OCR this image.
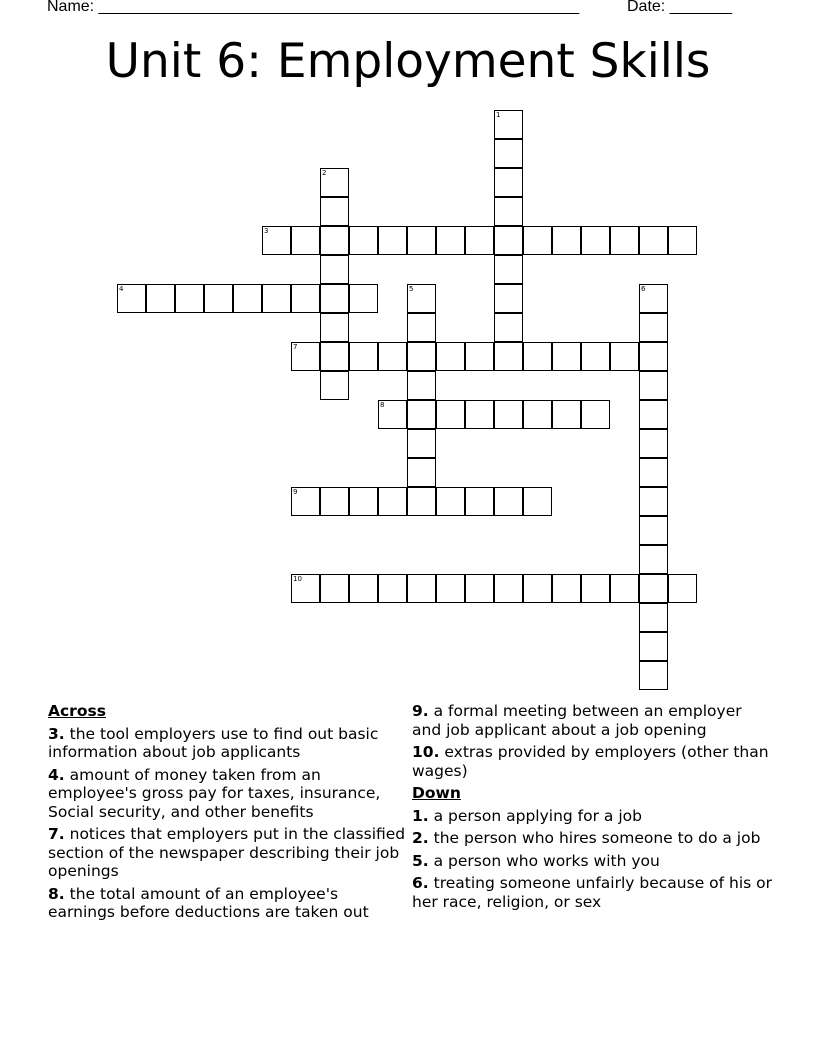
Name: ______________________________________________________	Date: _______
Unit 6: Employment Skills
1
2
3
4	5	6
7
8
9
10
Across
3. the tool employers use to find out basic information about job applicants
4. amount of money taken from an employee's gross pay for taxes, insurance, Social security, and other benefits
7. notices that employers put in the classified section of the newspaper describing their job openings
8. the total amount of an employee's earnings before deductions are taken out
9. a formal meeting between an employer and job applicant about a job opening
10. extras provided by employers (other than wages)
Down
1. a person applying for a job
2. the person who hires someone to do a job
5. a person who works with you
6. treating someone unfairly because of his or her race, religion, or sex
